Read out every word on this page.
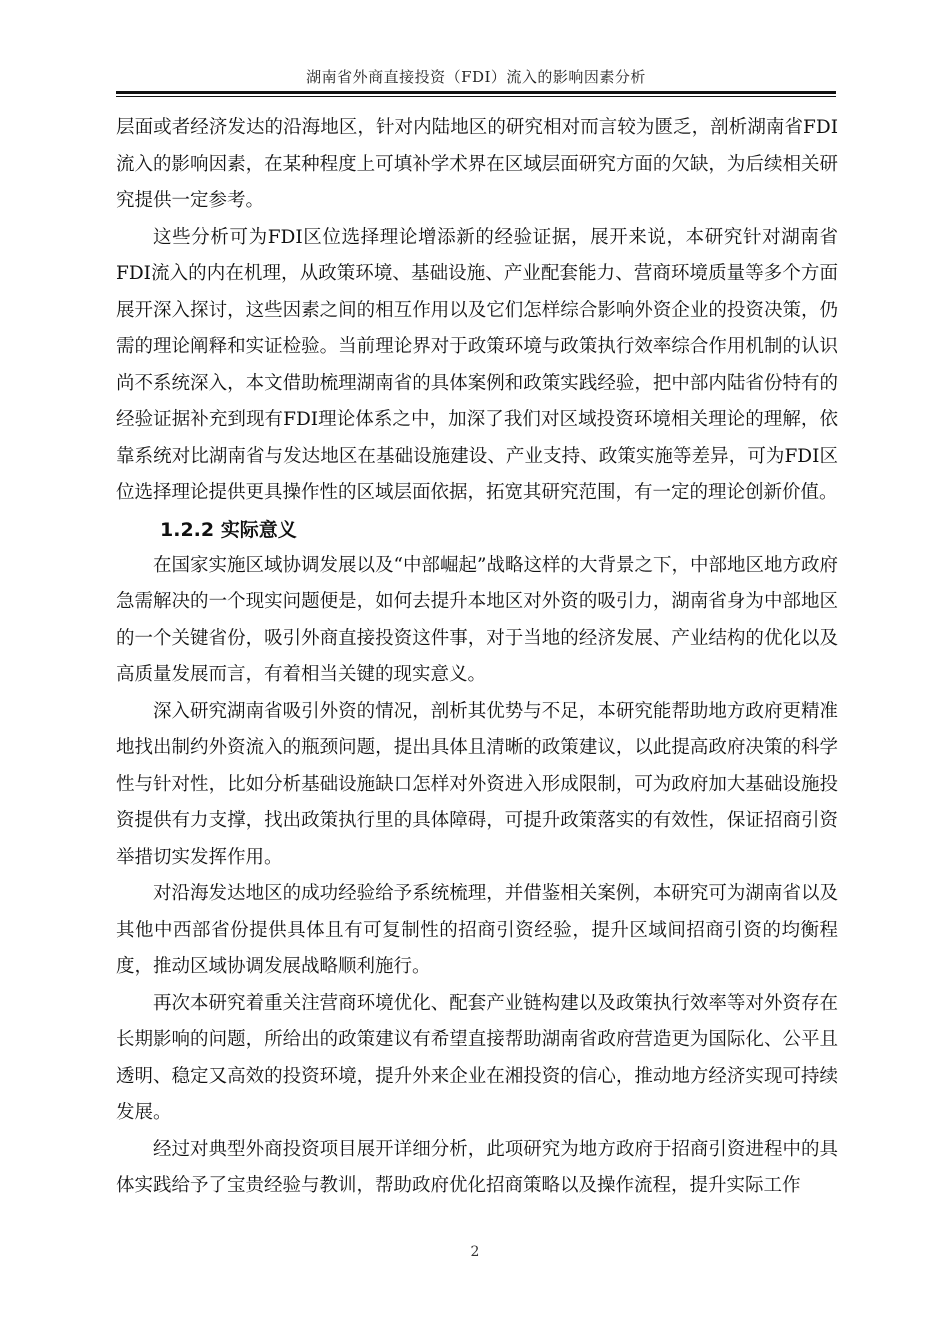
湖南省外商直接投资（FDI）流入的影响因素分析

层面或者经济发达的沿海地区，针对内陆地区的研究相对而言较为匮乏，剖析湖南省FDI流入的影响因素，在某种程度上可填补学术界在区域层面研究方面的欠缺，为后续相关研究提供一定参考。

这些分析可为FDI区位选择理论增添新的经验证据，展开来说，本研究针对湖南省FDI流入的内在机理，从政策环境、基础设施、产业配套能力、营商环境质量等多个方面展开深入探讨，这些因素之间的相互作用以及它们怎样综合影响外资企业的投资决策，仍需的理论阐释和实证检验。当前理论界对于政策环境与政策执行效率综合作用机制的认识尚不系统深入，本文借助梳理湖南省的具体案例和政策实践经验，把中部内陆省份特有的经验证据补充到现有FDI理论体系之中，加深了我们对区域投资环境相关理论的理解，依靠系统对比湖南省与发达地区在基础设施建设、产业支持、政策实施等差异，可为FDI区位选择理论提供更具操作性的区域层面依据，拓宽其研究范围，有一定的理论创新价值。

1.2.2 实际意义

在国家实施区域协调发展以及“中部崛起”战略这样的大背景之下，中部地区地方政府急需解决的一个现实问题便是，如何去提升本地区对外资的吸引力，湖南省身为中部地区的一个关键省份，吸引外商直接投资这件事，对于当地的经济发展、产业结构的优化以及高质量发展而言，有着相当关键的现实意义。

深入研究湖南省吸引外资的情况，剖析其优势与不足，本研究能帮助地方政府更精准地找出制约外资流入的瓶颈问题，提出具体且清晰的政策建议，以此提高政府决策的科学性与针对性，比如分析基础设施缺口怎样对外资进入形成限制，可为政府加大基础设施投资提供有力支撑，找出政策执行里的具体障碍，可提升政策落实的有效性，保证招商引资举措切实发挥作用。

对沿海发达地区的成功经验给予系统梳理，并借鉴相关案例，本研究可为湖南省以及其他中西部省份提供具体且有可复制性的招商引资经验，提升区域间招商引资的均衡程度，推动区域协调发展战略顺利施行。

再次本研究着重关注营商环境优化、配套产业链构建以及政策执行效率等对外资存在长期影响的问题，所给出的政策建议有希望直接帮助湖南省政府营造更为国际化、公平且透明、稳定又高效的投资环境，提升外来企业在湘投资的信心，推动地方经济实现可持续发展。

经过对典型外商投资项目展开详细分析，此项研究为地方政府于招商引资进程中的具体实践给予了宝贵经验与教训，帮助政府优化招商策略以及操作流程，提升实际工作

2
